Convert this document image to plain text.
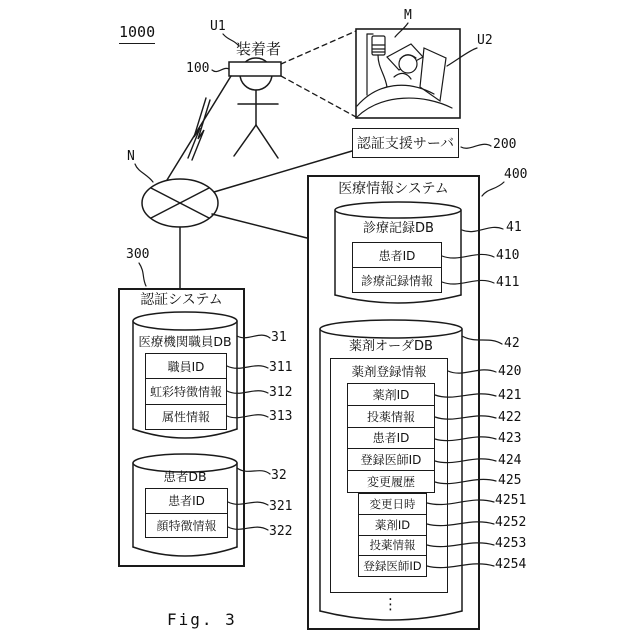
1000	U1
装着者
100
M
U2
N
認証支援サーバ	200
300
認証システム
医療機関職員DB
職員ID
虹彩特徴情報
属性情報
31
311
312
313
患者DB
患者ID
顔特徴情報
32
321
322
医療情報システム
400
診療記録DB
患者ID
診療記録情報
41
410
411
薬剤オーダDB	42
薬剤登録情報	420
薬剤ID
投薬情報
患者ID
登録医師ID
変更履歴
421
422
423
424
425
変更日時
薬剤ID
投薬情報
登録医師ID
4251
4252
4253
4254
⋮
Fig. 3
